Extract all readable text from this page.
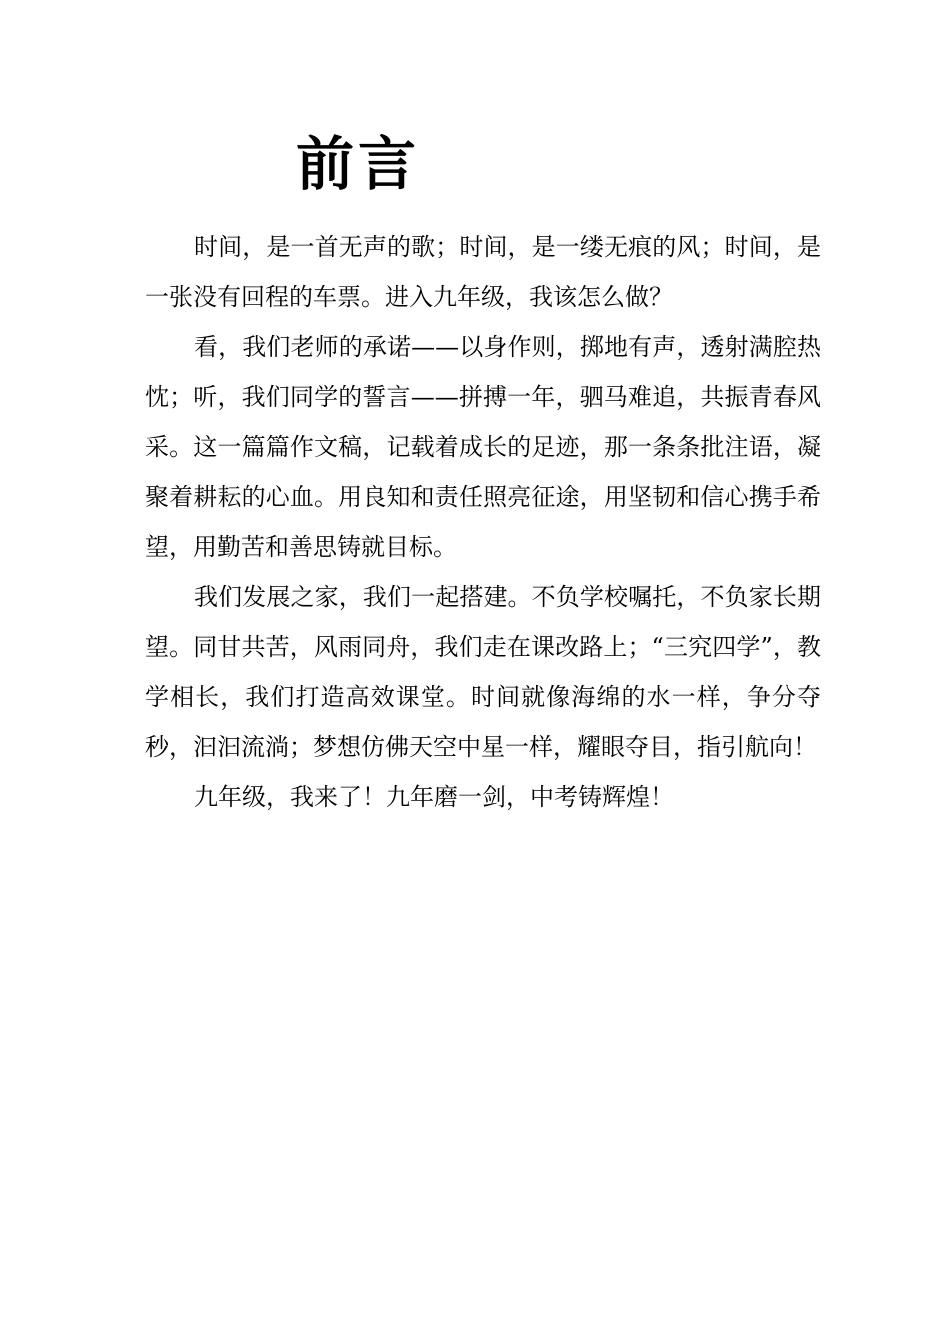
前言

时间，是一首无声的歌；时间，是一缕无痕的风；时间，是一张没有回程的车票。进入九年级，我该怎么做？

看，我们老师的承诺——以身作则，掷地有声，透射满腔热忱；听，我们同学的誓言——拼搏一年，驷马难追，共振青春风采。这一篇篇作文稿，记载着成长的足迹，那一条条批注语，凝聚着耕耘的心血。用良知和责任照亮征途，用坚韧和信心携手希望，用勤苦和善思铸就目标。

我们发展之家，我们一起搭建。不负学校嘱托，不负家长期望。同甘共苦，风雨同舟，我们走在课改路上；“三究四学”，教学相长，我们打造高效课堂。时间就像海绵的水一样，争分夺秒，汩汩流淌；梦想仿佛天空中星一样，耀眼夺目，指引航向！

九年级，我来了！九年磨一剑，中考铸辉煌！
